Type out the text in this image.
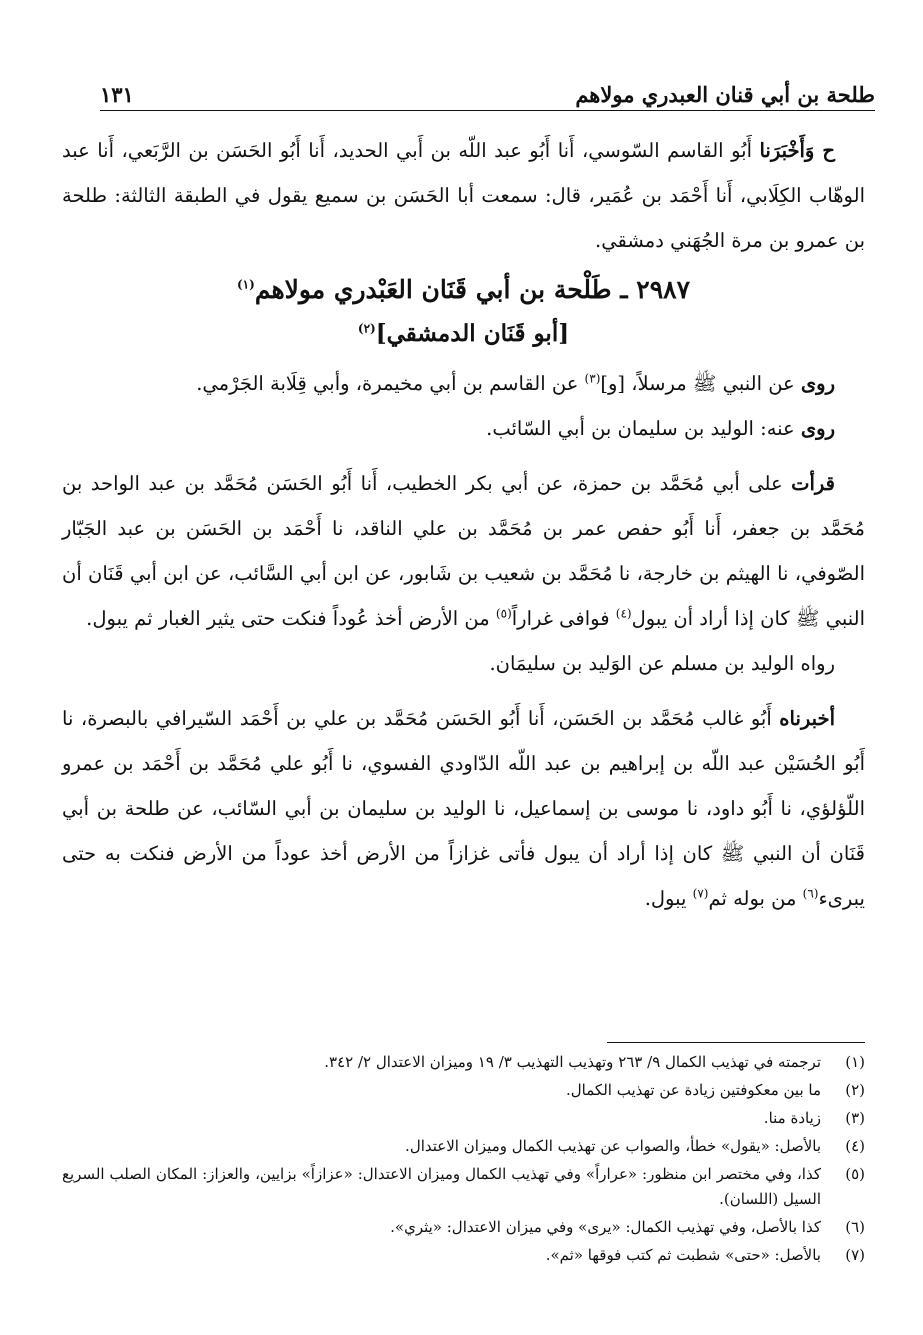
طلحة بن أبي قنان العبدري مولاهم
١٣١

ح وَأَخْبَرَنا أَبُو القاسم السّوسي، أَنا أَبُو عبد اللّه بن أَبي الحديد، أَنا أَبُو الحَسَن بن الرَّبَعي، أَنا عبد الوهّاب الكِلَابي، أَنا أَحْمَد بن عُمَير، قال: سمعت أبا الحَسَن بن سميع يقول في الطبقة الثالثة: طلحة بن عمرو بن مرة الجُهَني دمشقي.

٢٩٨٧ ـ طَلْحة بن أبي قَنَان العَبْدري مولاهم$^{(١)}$
[أبو قَنَان الدمشقي]$^{(٢)}$

روى عن النبي ﷺ مرسلاً، [و]$^{(٣)}$ عن القاسم بن أبي مخيمرة، وأبي قِلَابة الجَرْمي.

روى عنه: الوليد بن سليمان بن أبي السّائب.

قرأت على أبي مُحَمَّد بن حمزة، عن أبي بكر الخطيب، أَنا أَبُو الحَسَن مُحَمَّد بن عبد الواحد بن مُحَمَّد بن جعفر، أَنا أَبُو حفص عمر بن مُحَمَّد بن علي الناقد، نا أَحْمَد بن الحَسَن بن عبد الجَبّار الصّوفي، نا الهيثم بن خارجة، نا مُحَمَّد بن شعيب بن شَابور، عن ابن أبي السَّائب، عن ابن أبي قَنَان أن النبي ﷺ كان إذا أراد أن يبول$^{(٤)}$ فوافى غراراً$^{(٥)}$ من الأرض أخذ عُوداً فنكت حتى يثير الغبار ثم يبول.

رواه الوليد بن مسلم عن الوَليد بن سليمَان.

أخبرناه أَبُو غالب مُحَمَّد بن الحَسَن، أَنا أَبُو الحَسَن مُحَمَّد بن علي بن أَحْمَد السّيرافي بالبصرة، نا أَبُو الحُسَيْن عبد اللّه بن إبراهيم بن عبد اللّه الدّاودي الفسوي، نا أَبُو علي مُحَمَّد بن أَحْمَد بن عمرو اللّؤلؤي، نا أَبُو داود، نا موسى بن إسماعيل، نا الوليد بن سليمان بن أبي السّائب، عن طلحة بن أبي قَنَان أن النبي ﷺ كان إذا أراد أن يبول فأتى غزازاً من الأرض أخذ عوداً من الأرض فنكت به حتى يبرىء$^{(٦)}$ من بوله ثم$^{(٧)}$ يبول.

(١)
ترجمته في تهذيب الكمال ٩/ ٢٦٣ وتهذيب التهذيب ٣/ ١٩ وميزان الاعتدال ٢/ ٣٤٢.
(٢)
ما بين معكوفتين زيادة عن تهذيب الكمال.
(٣)
زيادة منا.
(٤)
بالأصل: «يقول» خطأ، والصواب عن تهذيب الكمال وميزان الاعتدال.
(٥)
كذا، وفي مختصر ابن منظور: «عراراً» وفي تهذيب الكمال وميزان الاعتدال: «عزازاً» بزايين، والعزاز: المكان الصلب السريع السيل (اللسان).
(٦)
كذا بالأصل، وفي تهذيب الكمال: «يرى» وفي ميزان الاعتدال: «يثري».
(٧)
بالأصل: «حتى» شطبت ثم كتب فوقها «ثم».
